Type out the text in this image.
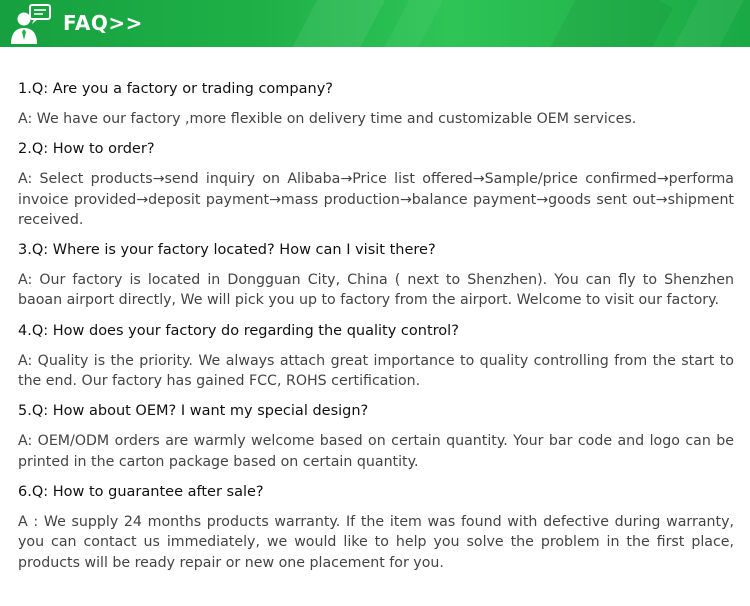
FAQ>>

1.Q: Are you a factory or trading company?

A: We have our factory ,more flexible on delivery time and customizable OEM services.

2.Q: How to order?

A: Select products→send inquiry on Alibaba→Price list offered→Sample/price confirmed→performa invoice provided→deposit payment→mass production→balance payment→goods sent out→shipment received.

3.Q: Where is your factory located? How can I visit there?

A: Our factory is located in Dongguan City, China ( next to Shenzhen). You can fly to Shenzhen baoan airport directly, We will pick you up to factory from the airport. Welcome to visit our factory.

4.Q: How does your factory do regarding the quality control?

A: Quality is the priority. We always attach great importance to quality controlling from the start to the end. Our factory has gained FCC, ROHS certification.

5.Q: How about OEM? I want my special design?

A: OEM/ODM orders are warmly welcome based on certain quantity. Your bar code and logo can be printed in the carton package based on certain quantity.

6.Q: How to guarantee after sale?

A : We supply 24 months products warranty. If the item was found with defective during warranty, you can contact us immediately, we would like to help you solve the problem in the first place, products will be ready repair or new one placement for you.
